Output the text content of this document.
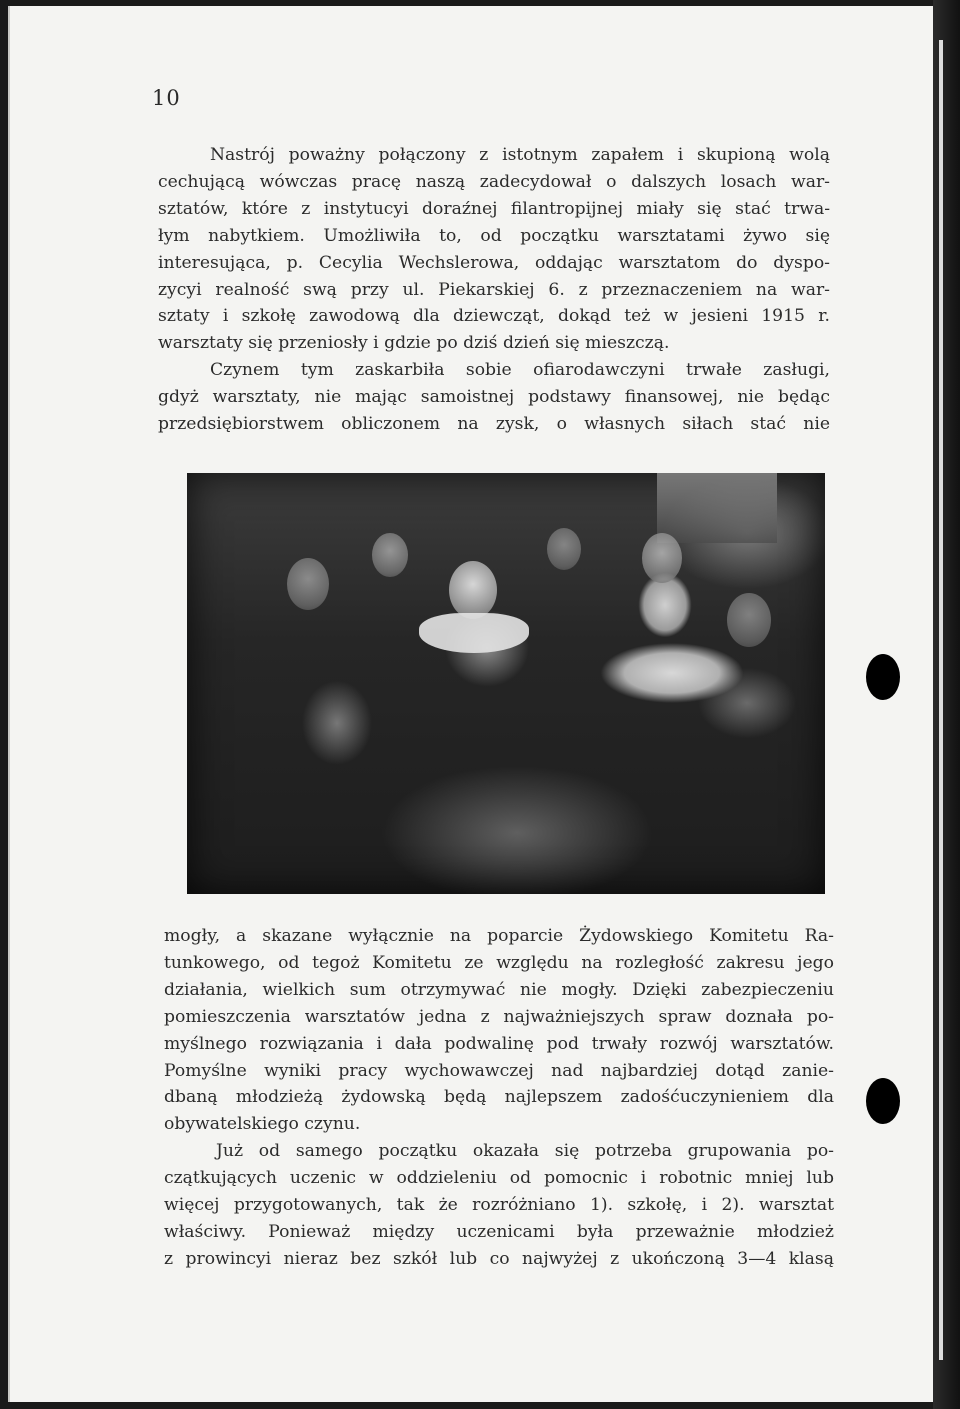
10
Nastrój poważny połączony z istotnym zapałem i skupioną wolą
cechującą wówczas pracę naszą zadecydował o dalszych losach war-
sztatów, które z instytucyi doraźnej filantropijnej miały się stać trwa-
łym nabytkiem. Umożliwiła to, od początku warsztatami żywo się
interesująca, p. Cecylia Wechslerowa, oddając warsztatom do dyspo-
zycyi realność swą przy ul. Piekarskiej 6. z przeznaczeniem na war-
sztaty i szkołę zawodową dla dziewcząt, dokąd też w jesieni 1915 r.
warsztaty się przeniosły i gdzie po dziś dzień się mieszczą.
Czynem tym zaskarbiła sobie ofiarodawczyni trwałe zasługi,
gdyż warsztaty, nie mając samoistnej podstawy finansowej, nie będąc
przedsiębiorstwem obliczonem na zysk, o własnych siłach stać nie
mogły, a skazane wyłącznie na poparcie Żydowskiego Komitetu Ra-
tunkowego, od tegoż Komitetu ze względu na rozległość zakresu jego
działania, wielkich sum otrzymywać nie mogły. Dzięki zabezpieczeniu
pomieszczenia warsztatów jedna z najważniejszych spraw doznała po-
myślnego rozwiązania i dała podwalinę pod trwały rozwój warsztatów.
Pomyślne wyniki pracy wychowawczej nad najbardziej dotąd zanie-
dbaną młodzieżą żydowską będą najlepszem zadośćuczynieniem dla
obywatelskiego czynu.
Już od samego początku okazała się potrzeba grupowania po-
czątkujących uczenic w oddzieleniu od pomocnic i robotnic mniej lub
więcej przygotowanych, tak że rozróżniano 1). szkołę, i 2). warsztat
właściwy. Ponieważ między uczenicami była przeważnie młodzież
z prowincyi nieraz bez szkół lub co najwyżej z ukończoną 3—4 klasą
